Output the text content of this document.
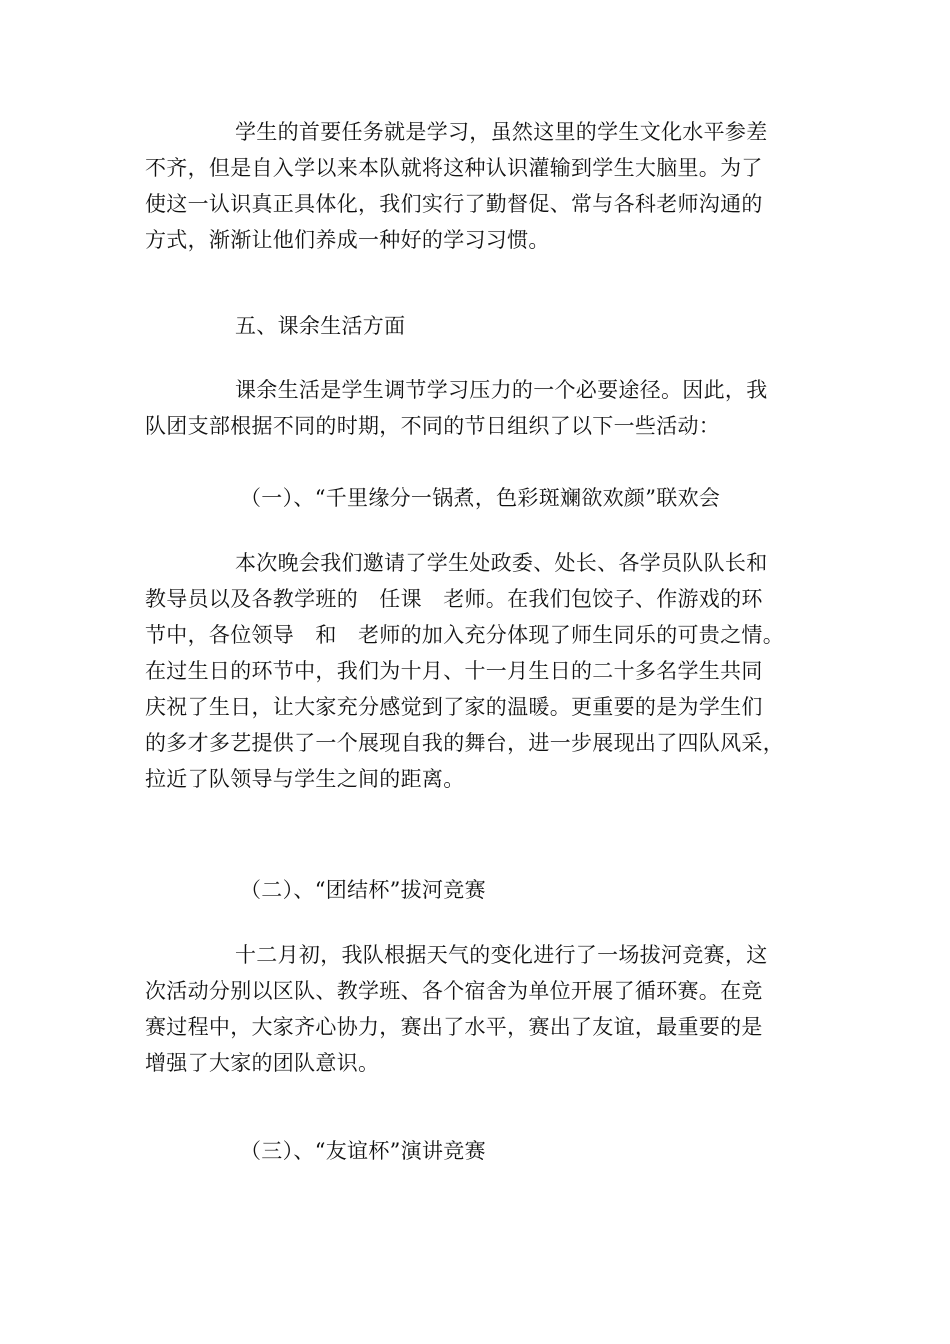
学生的首要任务就是学习，虽然这里的学生文化水平参差
不齐，但是自入学以来本队就将这种认识灌输到学生大脑里。为了
使这一认识真正具体化，我们实行了勤督促、常与各科老师沟通的
方式，渐渐让他们养成一种好的学习习惯。
五、课余生活方面
课余生活是学生调节学习压力的一个必要途径。因此，我
队团支部根据不同的时期，不同的节日组织了以下一些活动：
（一）、“千里缘分一锅煮，色彩斑斓欲欢颜”联欢会
本次晚会我们邀请了学生处政委、处长、各学员队队长和
教导员以及各教学班的　任课　老师。在我们包饺子、作游戏的环
节中，各位领导　和　老师的加入充分体现了师生同乐的可贵之情。
在过生日的环节中，我们为十月、十一月生日的二十多名学生共同
庆祝了生日，让大家充分感觉到了家的温暖。更重要的是为学生们
的多才多艺提供了一个展现自我的舞台，进一步展现出了四队风采，
拉近了队领导与学生之间的距离。
（二）、“团结杯”拔河竞赛
十二月初，我队根据天气的变化进行了一场拔河竞赛，这
次活动分别以区队、教学班、各个宿舍为单位开展了循环赛。在竞
赛过程中，大家齐心协力，赛出了水平，赛出了友谊，最重要的是
增强了大家的团队意识。
（三）、“友谊杯”演讲竞赛
